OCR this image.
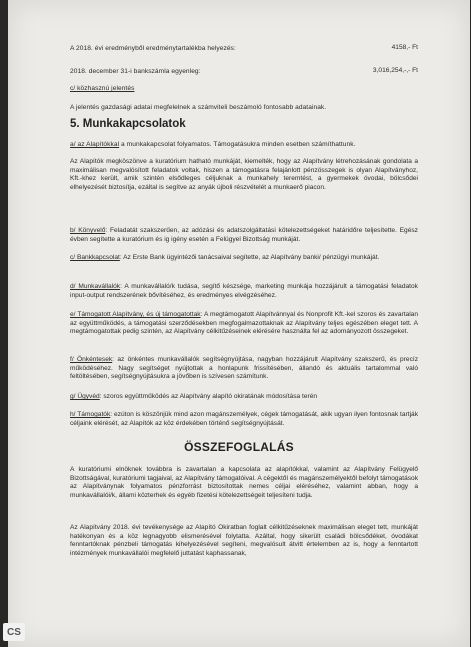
A 2018. évi eredményből eredménytartalékba helyezés:	4158,- Ft
2018. december 31-i bankszámla egyenleg:	3,016,254,-,- Ft
c/ közhasznú jelentés
A jelentés gazdasági adatai megfelelnek a számviteli beszámoló fontosabb adatainak.
5. Munkakapcsolatok
a/ az Alapítókkal a munkakapcsolat folyamatos. Támogatásukra minden esetben számíthattunk.
Az Alapítók megköszönve a kuratórium hatható munkáját, kiemelték, hogy az Alapítvány létrehozásának gondolata a maximálisan megvalósított feladatok voltak, hiszen a támogatásra felajánlott pénzösszegek is olyan Alapítványhoz, Kft.-khez került, amik szintén elsődleges céljuknak a munkahely teremtést, a gyermekek óvodai, bölcsődei elhelyezését biztosítja, ezáltal is segítve az anyák újboli részvételét a munkaerő piacon.
b/ Könyvelő: Feladatát szakszerűen, az adózási és adatszolgáltatási kötelezettségeket határidőre teljesítette. Egész évben segítette a kuratórium és ig igény esetén a Felügyel Bizottság munkáját.
c/ Bankkapcsolat: Az Erste Bank ügyintézői tanácsaival segítette, az Alapítvány banki/ pénzügyi munkáját.
d/ Munkavállalók: A munkavállaló/k tudása, segítő készsége, marketing munkája hozzájárult a támogatási feladatok input-output rendszerének bővítéséhez, és eredményes elvégzéséhez.
e/ Támogatott Alapítvány, és új támogatottak: A megtámogatott Alapítvánnyal és Nonprofit Kft.-kel szoros és zavartalan az együttműködés, a támogatási szerződésekben megfogalmazottaknak az Alapítvány teljes egészében eleget tett. A megtámogatottak pedig szintén, az Alapítvány célkitűzéseinek elérésére használta fel az adományozott összegeket.
f/ Önkéntesek: az önkéntes munkavállalók segítségnyújtása, nagyban hozzájárult Alapítvány szakszerű, és precíz működéséhez. Nagy segítséget nyújtottak a honlapunk frissítésében, állandó és aktuális tartalommal való feltöltésében, segítségnyújtásukra a jövőben is szívesen számítunk.
g/ Ügyvéd: szoros együttműködés az Alapítvány alapító okiratának módosítása terén
h/ Támogatók: ezúton is köszönjük mind azon magánszemélyek, cégek támogatását, akik ugyan ilyen fontosnak tartják céljaink elérését, az Alapítók az köz érdekében történő segítségnyújtását.
ÖSSZEFOGLALÁS
A kuratóriumi elnöknek továbbra is zavartalan a kapcsolata az alapítókkal, valamint az Alapítvány Felügyelő Bizottságával, kuratóriumi tagjaival, az Alapítvány támogatóival. A cégektől és magánszemélyektől befolyt támogatások az Alapítványnak folyamatos pénzforrást biztosítottak nemes céljai eléréséhez, valamint abban, hogy a munkavállalói/k, állami közterhek és egyéb fizetési kötelezettségeit teljesíteni tudja.
Az Alapítvány 2018. évi tevékenysége az Alapító Okiratban foglalt célkitűzéseknek maximálisan eleget tett, munkáját hatékonyan és a köz legnagyobb elismerésével folytatta. Azáltal, hogy sikerült családi bölcsődéket, óvodákat fenntartóknak pénzbeli támogatás kihelyezésével segíteni, megvalósult átvitt értelemben az is, hogy a fenntartott intézmények munkavállalói megfelelő juttatást kaphassanak,
CS
